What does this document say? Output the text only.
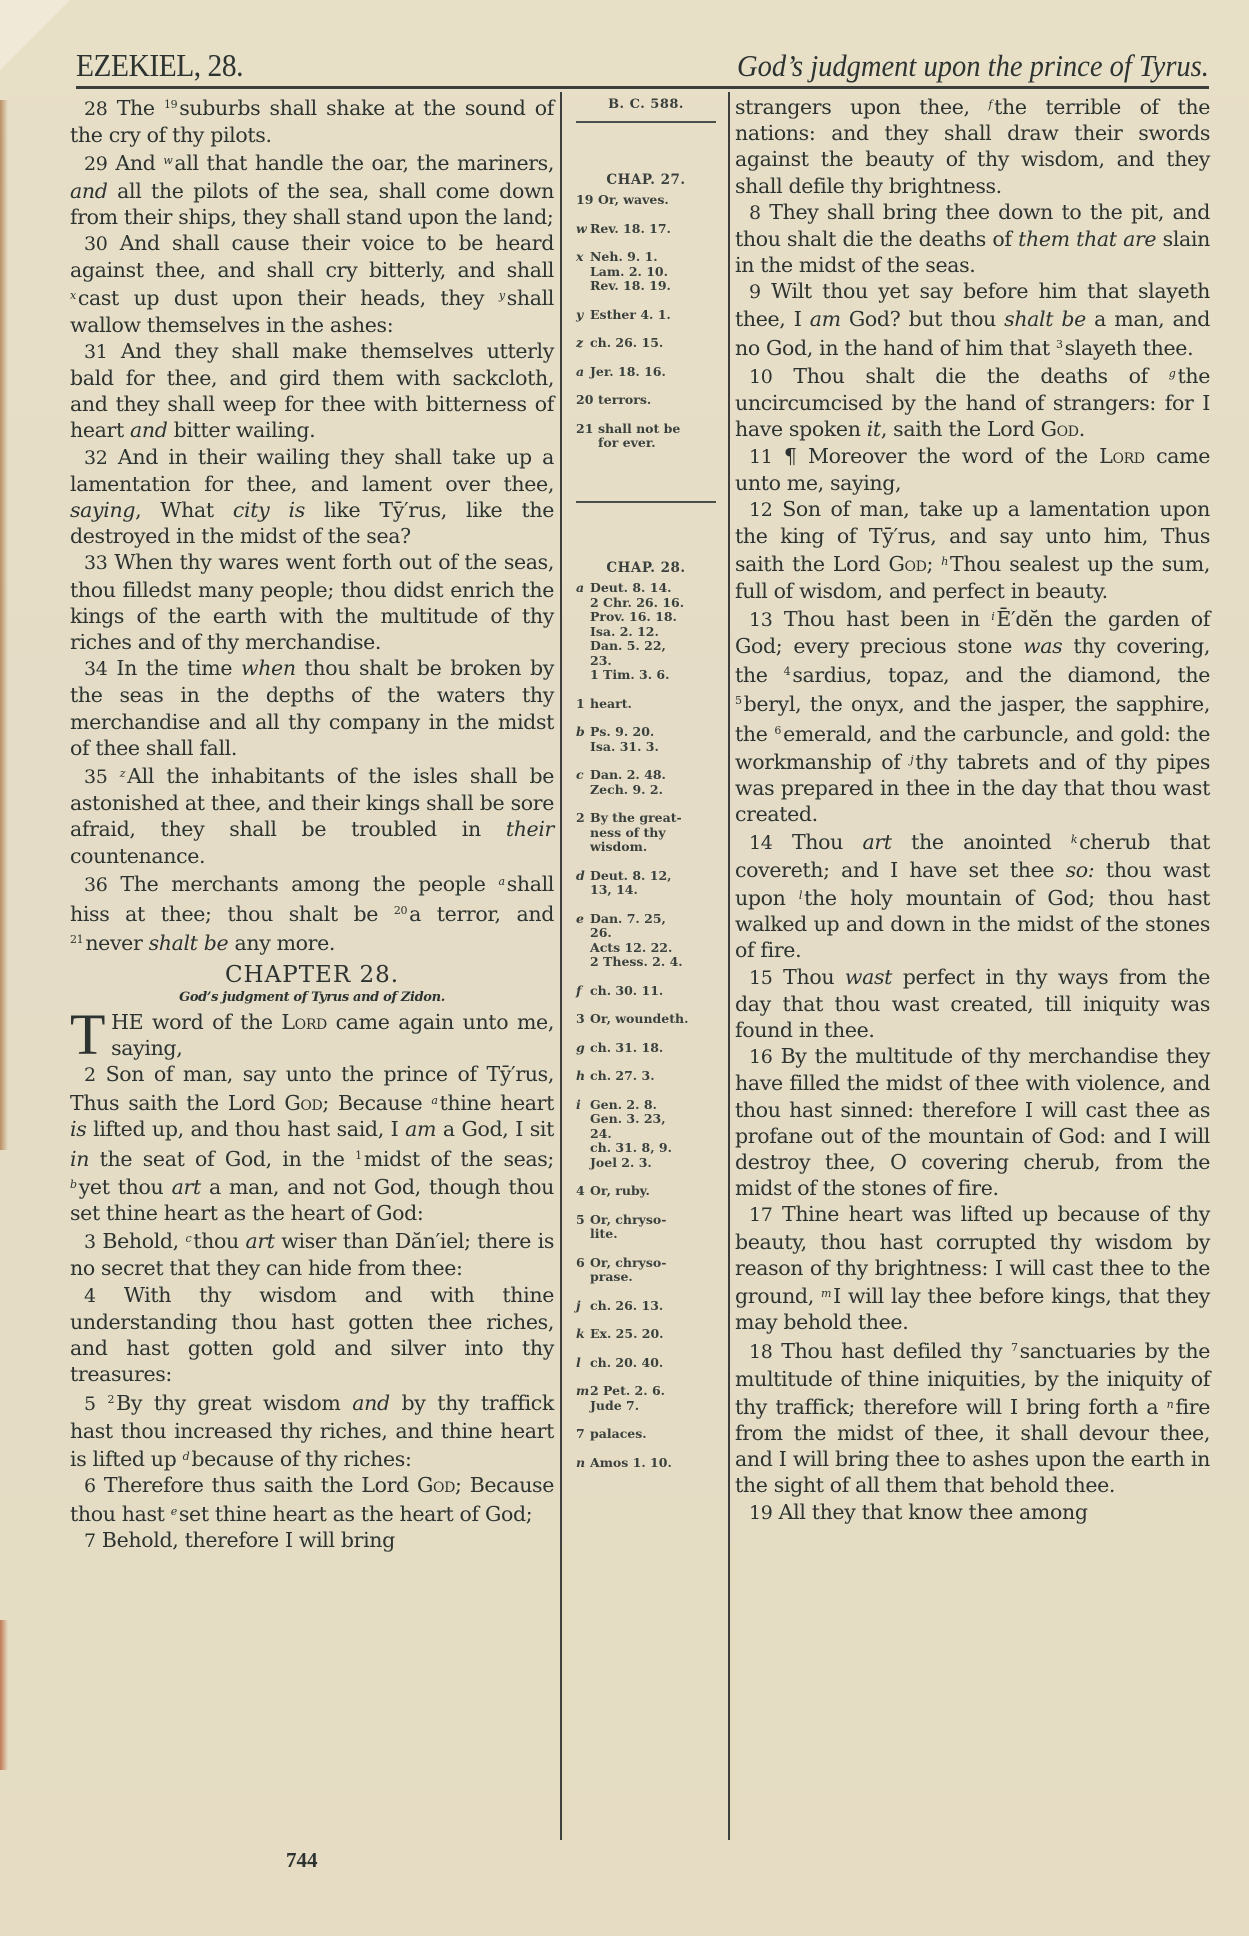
EZEKIEL, 28.	God’s judgment upon the prince of Tyrus.

28 The $^{19}$suburbs shall shake at the sound of the cry of thy pilots.

29 And $^w$all that handle the oar, the mariners, and all the pilots of the sea, shall come down from their ships, they shall stand upon the land;

30 And shall cause their voice to be heard against thee, and shall cry bitterly, and shall $^x$cast up dust upon their heads, they $^y$shall wallow themselves in the ashes:

31 And they shall make themselves utterly bald for thee, and gird them with sackcloth, and they shall weep for thee with bitterness of heart and bitter wailing.

32 And in their wailing they shall take up a lamentation for thee, and lament over thee, saying, What city is like Tȳ′rus, like the destroyed in the midst of the sea?

33 When thy wares went forth out of the seas, thou filledst many people; thou didst enrich the kings of the earth with the multitude of thy riches and of thy merchandise.

34 In the time when thou shalt be broken by the seas in the depths of the waters thy merchandise and all thy company in the midst of thee shall fall.

35 $^z$All the inhabitants of the isles shall be astonished at thee, and their kings shall be sore afraid, they shall be troubled in their countenance.

36 The merchants among the people $^a$shall hiss at thee; thou shalt be $^{20}$a terror, and $^{21}$never shalt be any more.

CHAPTER 28.
God’s judgment of Tyrus and of Zidon.

T HE word of the Lord came again unto me, saying,

2 Son of man, say unto the prince of Tȳ′rus, Thus saith the Lord God; Because $^a$thine heart is lifted up, and thou hast said, I am a God, I sit in the seat of God, in the $^1$midst of the seas; $^b$yet thou art a man, and not God, though thou set thine heart as the heart of God:

3 Behold, $^c$thou art wiser than Dăn′iel; there is no secret that they can hide from thee:

4 With thy wisdom and with thine understanding thou hast gotten thee riches, and hast gotten gold and silver into thy treasures:

5 $^2$By thy great wisdom and by thy traffick hast thou increased thy riches, and thine heart is lifted up $^d$because of thy riches:

6 Therefore thus saith the Lord God; Because thou hast $^e$set thine heart as the heart of God;

7 Behold, therefore I will bring

B. C. 588.
CHAP. 27.
19 Or, waves.
w Rev. 18. 17.
x Neh. 9. 1.
Lam. 2. 10.
Rev. 18. 19.
y Esther 4. 1.
z ch. 26. 15.
a Jer. 18. 16.
20 terrors.
21 shall not be
for ever.
CHAP. 28.
a Deut. 8. 14.
2 Chr. 26. 16.
Prov. 16. 18.
Isa. 2. 12.
Dan. 5. 22,
23.
1 Tim. 3. 6.
1 heart.
b Ps. 9. 20.
Isa. 31. 3.
c Dan. 2. 48.
Zech. 9. 2.
2 By the great-
ness of thy
wisdom.
d Deut. 8. 12,
13, 14.
e Dan. 7. 25,
26.
Acts 12. 22.
2 Thess. 2. 4.
f ch. 30. 11.
3 Or, woundeth.
g ch. 31. 18.
h ch. 27. 3.
i Gen. 2. 8.
Gen. 3. 23,
24.
ch. 31. 8, 9.
Joel 2. 3.
4 Or, ruby.
5 Or, chryso-
lite.
6 Or, chryso-
prase.
j ch. 26. 13.
k Ex. 25. 20.
l ch. 20. 40.
m 2 Pet. 2. 6.
Jude 7.
7 palaces.
n Amos 1. 10.

strangers upon thee, $^f$the terrible of the nations: and they shall draw their swords against the beauty of thy wisdom, and they shall defile thy brightness.

8 They shall bring thee down to the pit, and thou shalt die the deaths of them that are slain in the midst of the seas.

9 Wilt thou yet say before him that slayeth thee, I am God? but thou shalt be a man, and no God, in the hand of him that $^3$slayeth thee.

10 Thou shalt die the deaths of $^g$the uncircumcised by the hand of strangers: for I have spoken it, saith the Lord God.

11 ¶ Moreover the word of the Lord came unto me, saying,

12 Son of man, take up a lamentation upon the king of Tȳ′rus, and say unto him, Thus saith the Lord God; $^h$Thou sealest up the sum, full of wisdom, and perfect in beauty.

13 Thou hast been in $^i$Ē′dĕn the garden of God; every precious stone was thy covering, the $^4$sardius, topaz, and the diamond, the $^5$beryl, the onyx, and the jasper, the sapphire, the $^6$emerald, and the carbuncle, and gold: the workmanship of $^j$thy tabrets and of thy pipes was prepared in thee in the day that thou wast created.

14 Thou art the anointed $^k$cherub that covereth; and I have set thee so: thou wast upon $^l$the holy mountain of God; thou hast walked up and down in the midst of the stones of fire.

15 Thou wast perfect in thy ways from the day that thou wast created, till iniquity was found in thee.

16 By the multitude of thy merchandise they have filled the midst of thee with violence, and thou hast sinned: therefore I will cast thee as profane out of the mountain of God: and I will destroy thee, O covering cherub, from the midst of the stones of fire.

17 Thine heart was lifted up because of thy beauty, thou hast corrupted thy wisdom by reason of thy brightness: I will cast thee to the ground, $^m$I will lay thee before kings, that they may behold thee.

18 Thou hast defiled thy $^7$sanctuaries by the multitude of thine iniquities, by the iniquity of thy traffick; therefore will I bring forth a $^n$fire from the midst of thee, it shall devour thee, and I will bring thee to ashes upon the earth in the sight of all them that behold thee.

19 All they that know thee among

744
